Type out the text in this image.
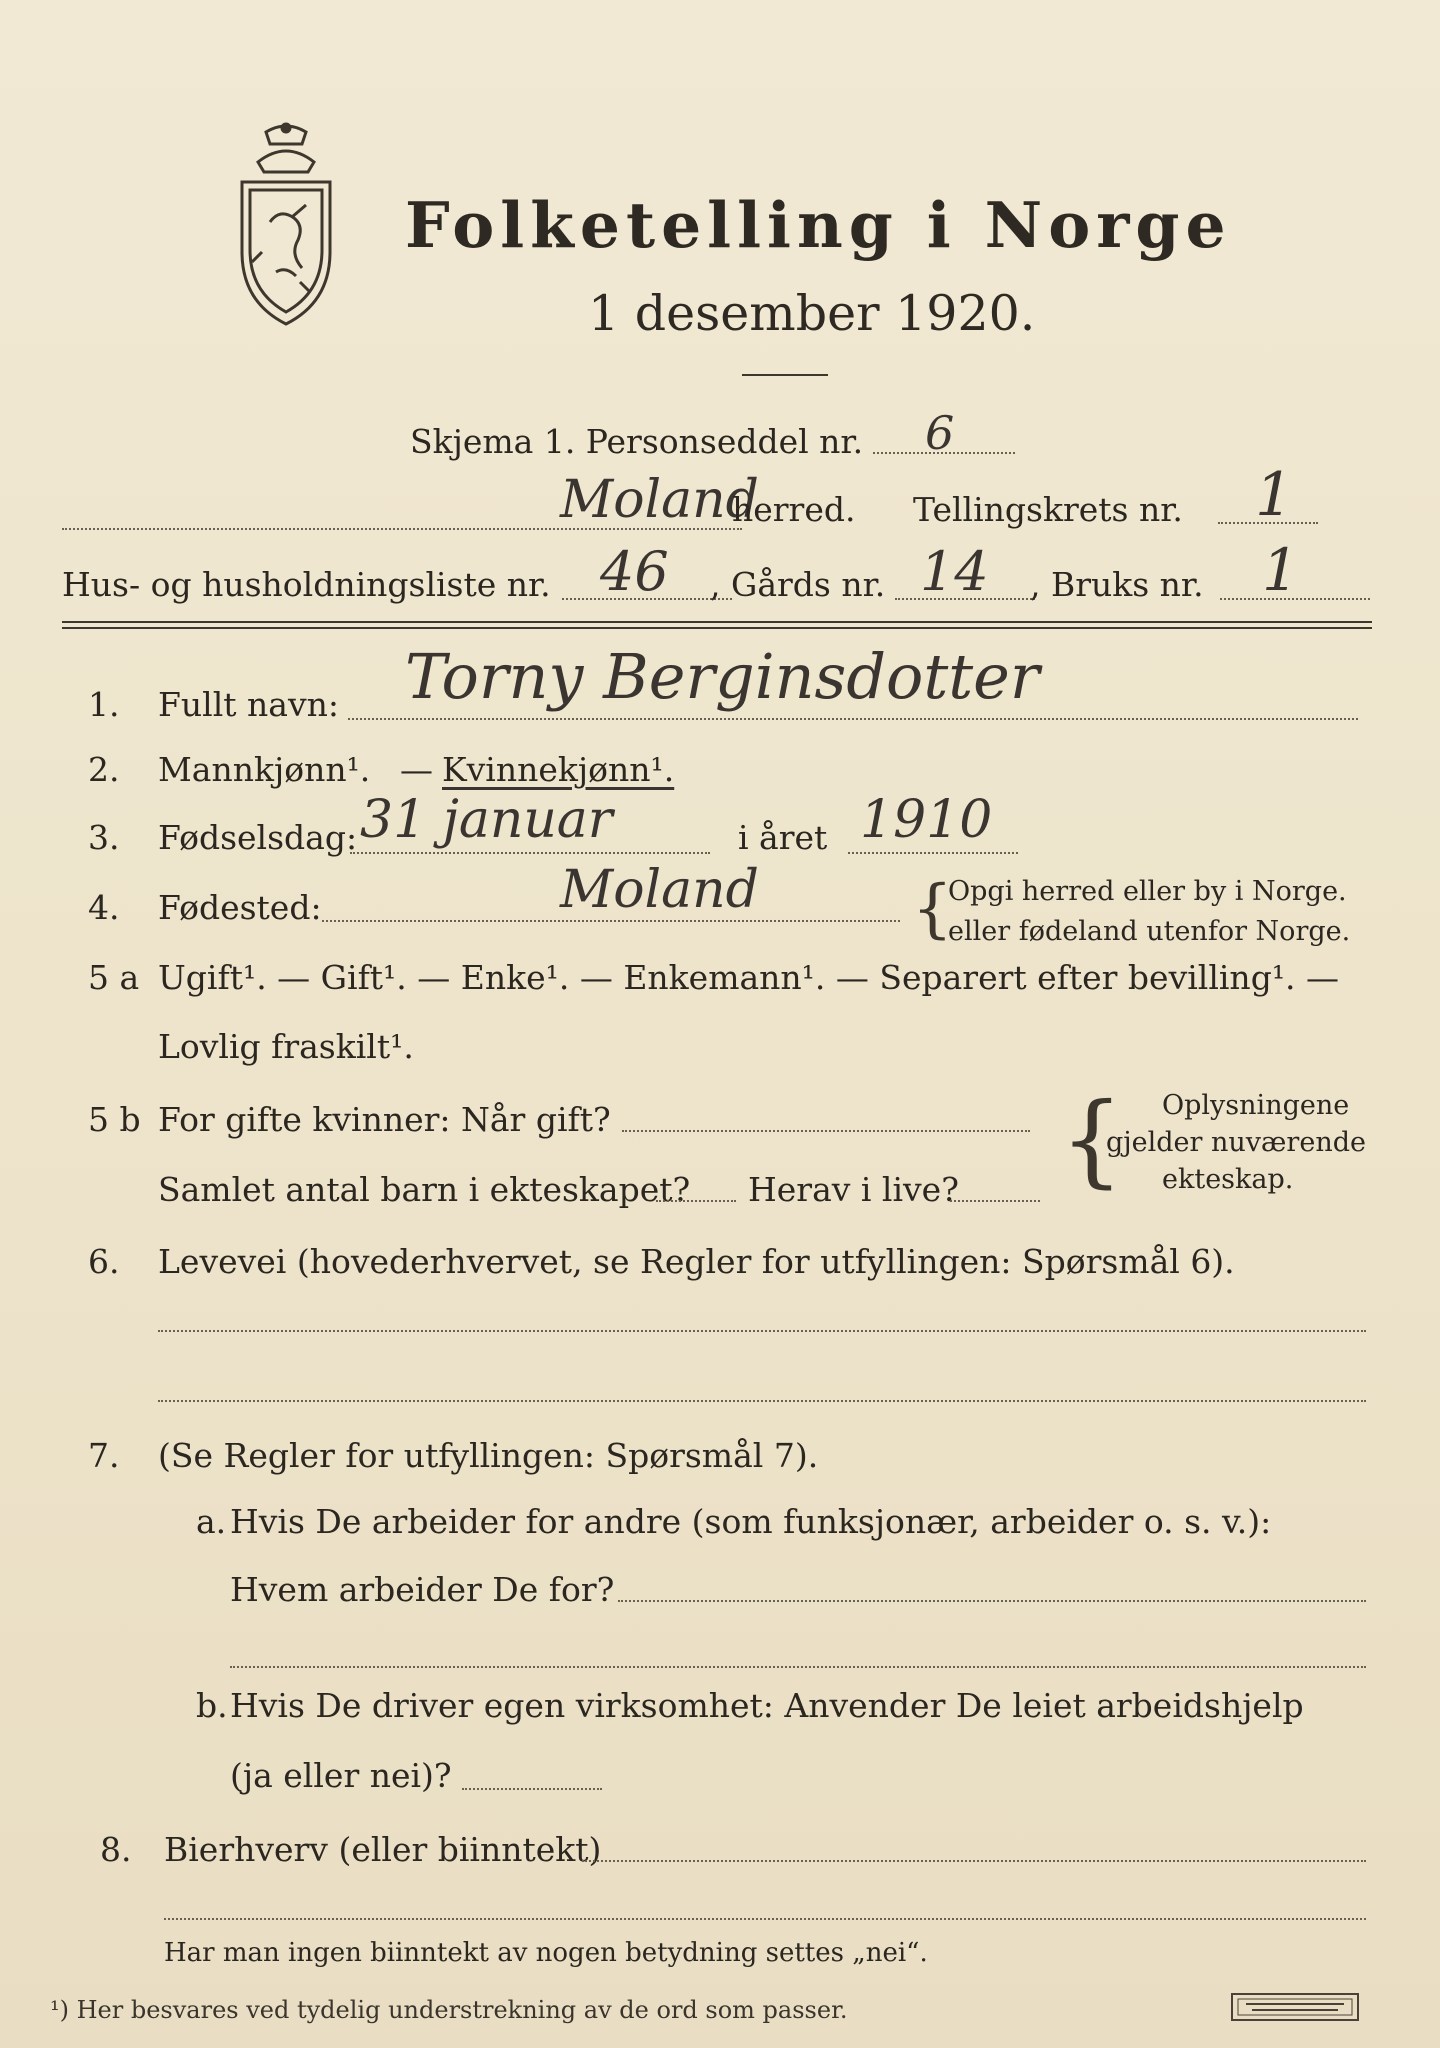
Folketelling i Norge
1 desember 1920.
Skjema 1. Personseddel nr. 6
Moland
herred. Tellingskrets nr. 1
Hus- og husholdningsliste nr. 46 , Gårds nr. 14 , Bruks nr. 1
1. Fullt navn: Torny Berginsdotter
2. Mannkjønn¹. — Kvinnekjønn¹.
3. Fødselsdag: 31 januar	i året 1910
4. Fødested:	Moland {
Opgi herred eller by i Norge.
eller fødeland utenfor Norge.
5 a Ugift¹. — Gift¹. — Enke¹. — Enkemann¹. — Separert efter bevilling¹. —
Lovlig fraskilt¹.
5 b For gifte kvinner: Når gift?
Samlet antal barn i ekteskapet? Herav i live? { Oplysningene
gjelder nuværende
ekteskap.
6. Levevei (hovederhvervet, se Regler for utfyllingen: Spørsmål 6).
7. (Se Regler for utfyllingen: Spørsmål 7).
a. Hvis De arbeider for andre (som funksjonær, arbeider o. s. v.):
Hvem arbeider De for?
b. Hvis De driver egen virksomhet: Anvender De leiet arbeidshjelp
(ja eller nei)?
8. Bierhverv (eller biinntekt)
Har man ingen biinntekt av nogen betydning settes „nei“.
¹) Her besvares ved tydelig understrekning av de ord som passer.
